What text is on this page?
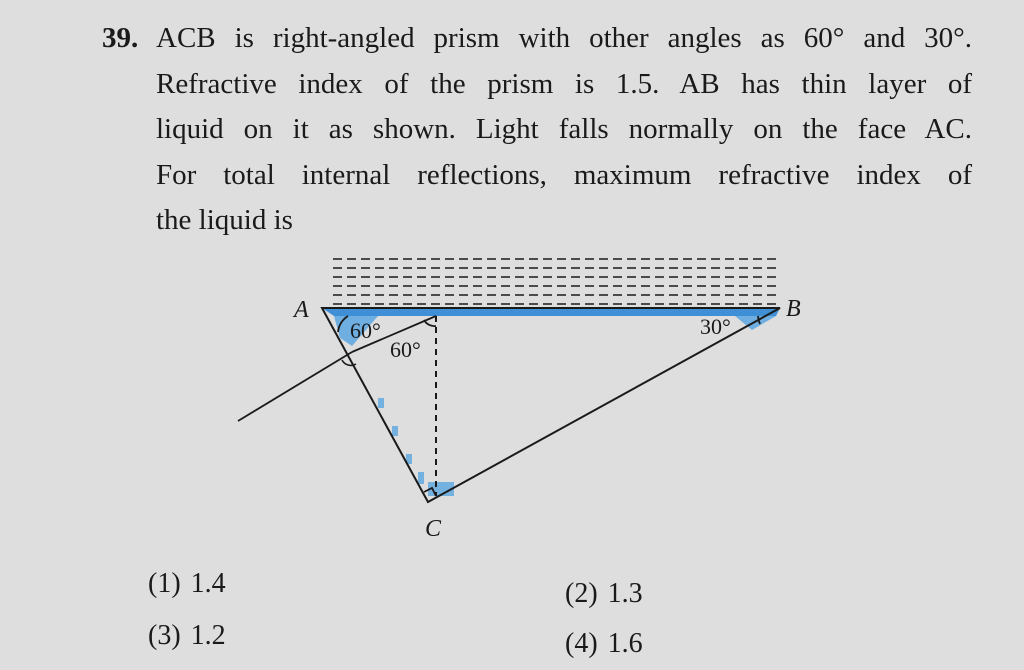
39. ACB is right-angled prism with other angles as 60° and 30°.
Refractive index of the prism is 1.5. AB has thin layer of
liquid on it as shown. Light falls normally on the face AC.
For total internal reflections, maximum refractive index of
the liquid is
A	B
C
60°
60°
30°
(1) 1.4	(2) 1.3
(3) 1.2	(4) 1.6
